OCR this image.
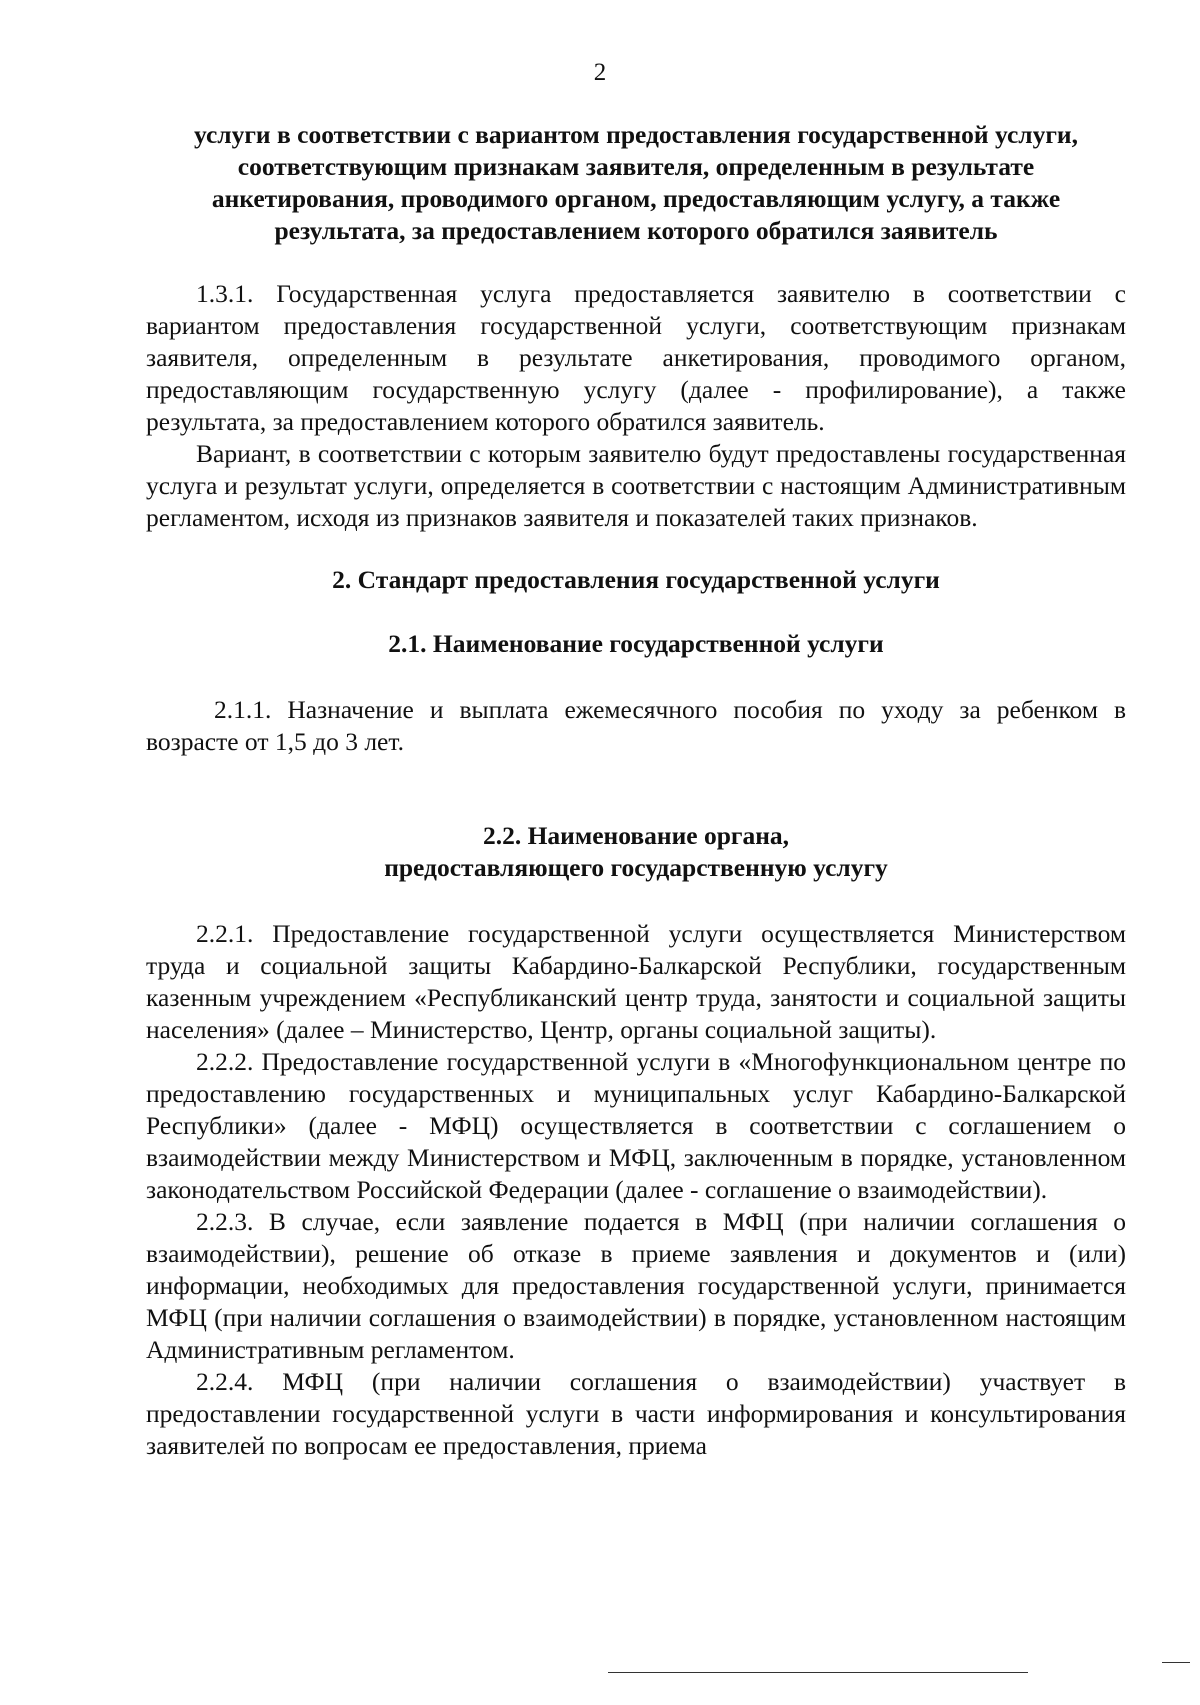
2

услуги в соответствии с вариантом предоставления государственной услуги, соответствующим признакам заявителя, определенным в результате анкетирования, проводимого органом, предоставляющим услугу, а также результата, за предоставлением которого обратился заявитель

1.3.1. Государственная услуга предоставляется заявителю в соответствии с вариантом предоставления государственной услуги, соответствующим признакам заявителя, определенным в результате анкетирования, проводимого органом, предоставляющим государственную услугу (далее - профилирование), а также результата, за предоставлением которого обратился заявитель.

Вариант, в соответствии с которым заявителю будут предоставлены государственная услуга и результат услуги, определяется в соответствии с настоящим Административным регламентом, исходя из признаков заявителя и показателей таких признаков.

2. Стандарт предоставления государственной услуги

2.1. Наименование государственной услуги

2.1.1. Назначение и выплата ежемесячного пособия по уходу за ребенком в возрасте от 1,5 до 3 лет.

2.2. Наименование органа,
предоставляющего государственную услугу

2.2.1. Предоставление государственной услуги осуществляется Министерством труда и социальной защиты Кабардино-Балкарской Республики, государственным казенным учреждением «Республиканский центр труда, занятости и социальной защиты населения» (далее – Министерство, Центр, органы социальной защиты).

2.2.2. Предоставление государственной услуги в «Многофункциональном центре по предоставлению государственных и муниципальных услуг Кабардино-Балкарской Республики» (далее - МФЦ) осуществляется в соответствии с соглашением о взаимодействии между Министерством и МФЦ, заключенным в порядке, установленном законодательством Российской Федерации (далее - соглашение о взаимодействии).

2.2.3. В случае, если заявление подается в МФЦ (при наличии соглашения о взаимодействии), решение об отказе в приеме заявления и документов и (или) информации, необходимых для предоставления государственной услуги, принимается МФЦ (при наличии соглашения о взаимодействии) в порядке, установленном настоящим Административным регламентом.

2.2.4. МФЦ (при наличии соглашения о взаимодействии) участвует в предоставлении государственной услуги в части информирования и консультирования заявителей по вопросам ее предоставления, приема
